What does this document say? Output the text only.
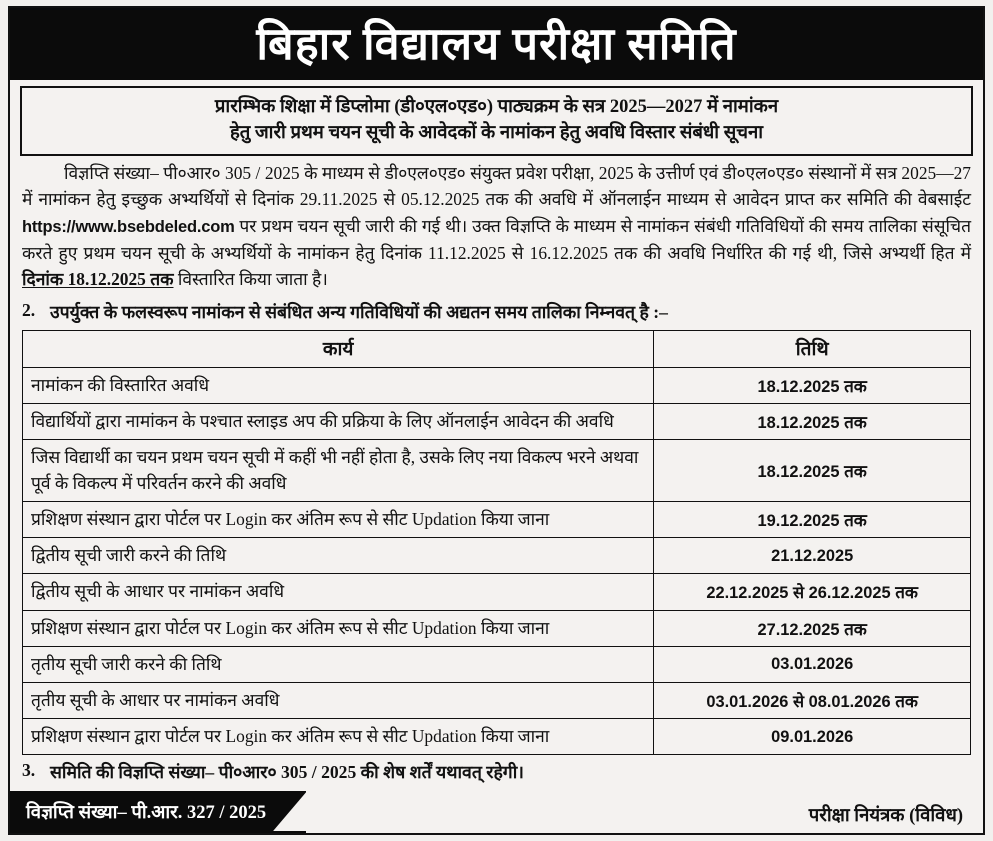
बिहार विद्यालय परीक्षा समिति
प्रारम्भिक शिक्षा में डिप्लोमा (डी०एल०एड०) पाठ्यक्रम के सत्र 2025—2027 में नामांकन
हेतु जारी प्रथम चयन सूची के आवेदकों के नामांकन हेतु अवधि विस्तार संबंधी सूचना
विज्ञप्ति संख्या– पी०आर० 305 / 2025 के माध्यम से डी०एल०एड० संयुक्त प्रवेश परीक्षा, 2025 के उत्तीर्ण एवं डी०एल०एड० संस्थानों में सत्र 2025—27 में नामांकन हेतु इच्छुक अभ्यर्थियों से दिनांक 29.11.2025 से 05.12.2025 तक की अवधि में ऑनलाईन माध्यम से आवेदन प्राप्त कर समिति की वेबसाईट https://www.bsebdeled.com पर प्रथम चयन सूची जारी की गई थी। उक्त विज्ञप्ति के माध्यम से नामांकन संबंधी गतिविधियों की समय तालिका संसूचित करते हुए प्रथम चयन सूची के अभ्यर्थियों के नामांकन हेतु दिनांक 11.12.2025 से 16.12.2025 तक की अवधि निर्धारित की गई थी, जिसे अभ्यर्थी हित में दिनांक 18.12.2025 तक विस्तारित किया जाता है।
2. उपर्युक्त के फलस्वरूप नामांकन से संबंधित अन्य गतिविधियों की अद्यतन समय तालिका निम्नवत् है :–
कार्य	तिथि
नामांकन की विस्तारित अवधि	18.12.2025 तक
विद्यार्थियों द्वारा नामांकन के पश्चात स्लाइड अप की प्रक्रिया के लिए ऑनलाईन आवेदन की अवधि	18.12.2025 तक
जिस विद्यार्थी का चयन प्रथम चयन सूची में कहीं भी नहीं होता है, उसके लिए नया विकल्प भरने अथवा पूर्व के विकल्प में परिवर्तन करने की अवधि	18.12.2025 तक
प्रशिक्षण संस्थान द्वारा पोर्टल पर Login कर अंतिम रूप से सीट Updation किया जाना	19.12.2025 तक
द्वितीय सूची जारी करने की तिथि	21.12.2025
द्वितीय सूची के आधार पर नामांकन अवधि	22.12.2025 से 26.12.2025 तक
प्रशिक्षण संस्थान द्वारा पोर्टल पर Login कर अंतिम रूप से सीट Updation किया जाना	27.12.2025 तक
तृतीय सूची जारी करने की तिथि	03.01.2026
तृतीय सूची के आधार पर नामांकन अवधि	03.01.2026 से 08.01.2026 तक
प्रशिक्षण संस्थान द्वारा पोर्टल पर Login कर अंतिम रूप से सीट Updation किया जाना	09.01.2026
3. समिति की विज्ञप्ति संख्या– पी०आर० 305 / 2025 की शेष शर्तें यथावत् रहेगी।
विज्ञप्ति संख्या– पी.आर. 327 / 2025	परीक्षा नियंत्रक (विविध)
